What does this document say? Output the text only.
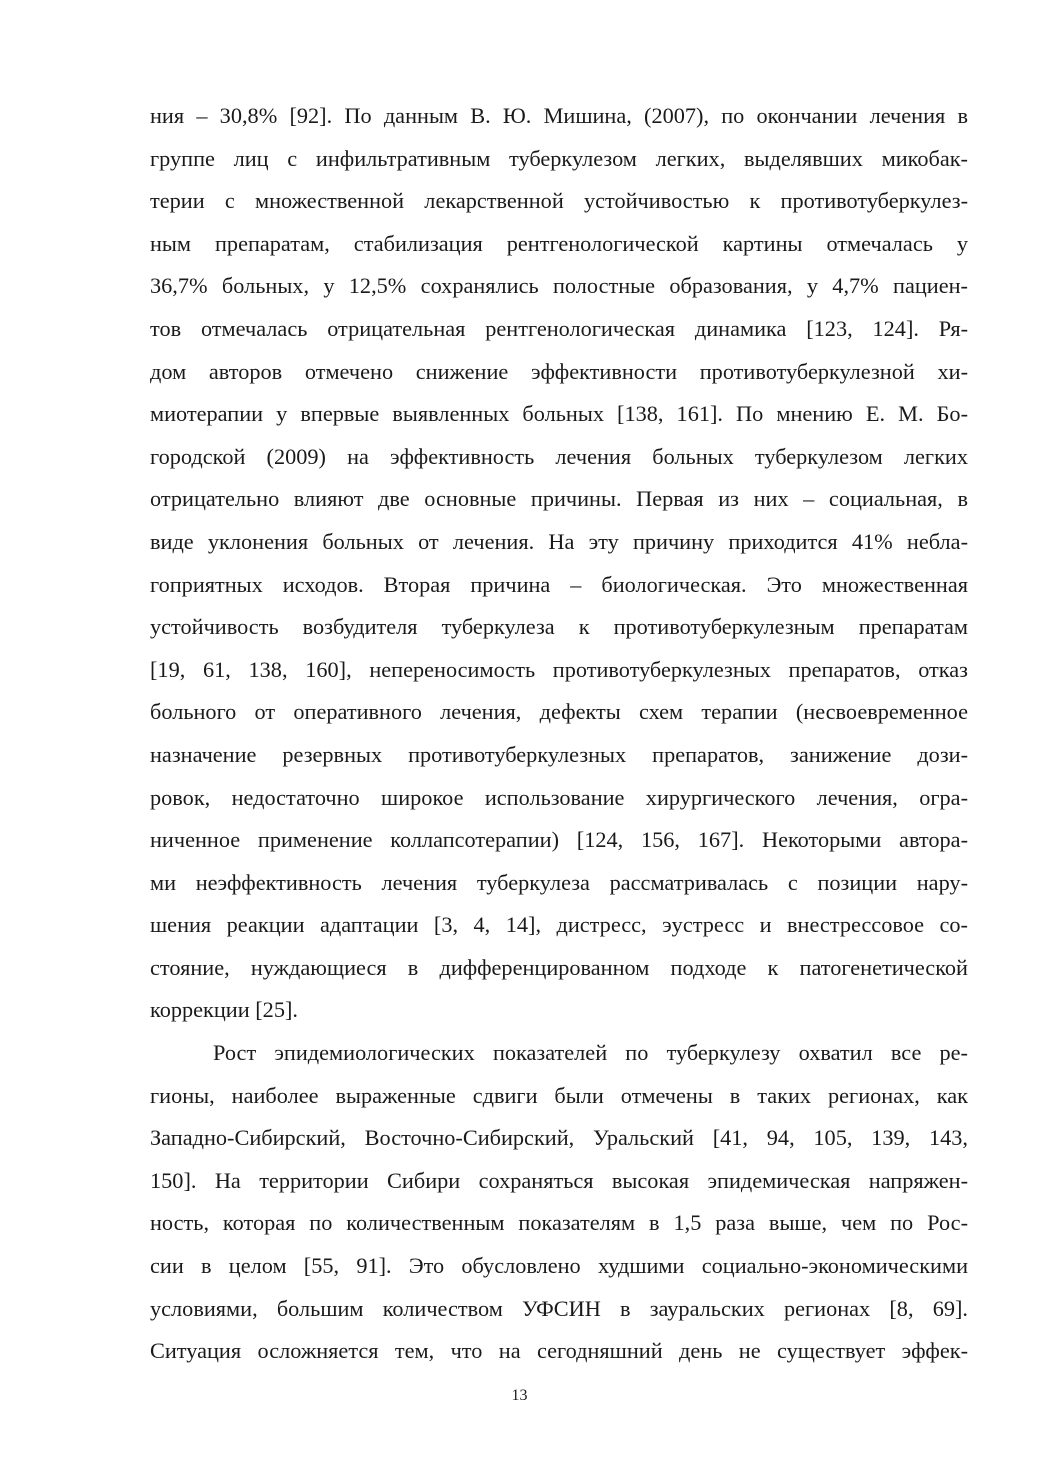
ния – 30,8% [92]. По данным В. Ю. Мишина, (2007), по окончании лечения в
группе лиц с инфильтративным туберкулезом легких, выделявших микобак-
терии с множественной лекарственной устойчивостью к противотуберкулез-
ным препаратам, стабилизация рентгенологической картины отмечалась у
36,7% больных, у 12,5% сохранялись полостные образования, у 4,7% пациен-
тов отмечалась отрицательная рентгенологическая динамика [123, 124]. Ря-
дом авторов отмечено снижение эффективности противотуберкулезной хи-
миотерапии у впервые выявленных больных [138, 161]. По мнению Е. М. Бо-
городской (2009) на эффективность лечения больных туберкулезом легких
отрицательно влияют две основные причины. Первая из них – социальная, в
виде уклонения больных от лечения. На эту причину приходится 41% небла-
гоприятных исходов. Вторая причина – биологическая. Это множественная
устойчивость возбудителя туберкулеза к противотуберкулезным препаратам
[19, 61, 138, 160], непереносимость противотуберкулезных препаратов, отказ
больного от оперативного лечения, дефекты схем терапии (несвоевременное
назначение резервных противотуберкулезных препаратов, занижение дози-
ровок, недостаточно широкое использование хирургического лечения, огра-
ниченное применение коллапсотерапии) [124, 156, 167]. Некоторыми автора-
ми неэффективность лечения туберкулеза рассматривалась с позиции нару-
шения реакции адаптации [3, 4, 14], дистресс, эустресс и внестрессовое со-
стояние, нуждающиеся в дифференцированном подходе к патогенетической
коррекции [25].
Рост эпидемиологических показателей по туберкулезу охватил все ре-
гионы, наиболее выраженные сдвиги были отмечены в таких регионах, как
Западно-Сибирский, Восточно-Сибирский, Уральский [41, 94, 105, 139, 143,
150]. На территории Сибири сохраняться высокая эпидемическая напряжен-
ность, которая по количественным показателям в 1,5 раза выше, чем по Рос-
сии в целом [55, 91]. Это обусловлено худшими социально-экономическими
условиями, большим количеством УФСИН в зауральских регионах [8, 69].
Ситуация осложняется тем, что на сегодняшний день не существует эффек-
13
